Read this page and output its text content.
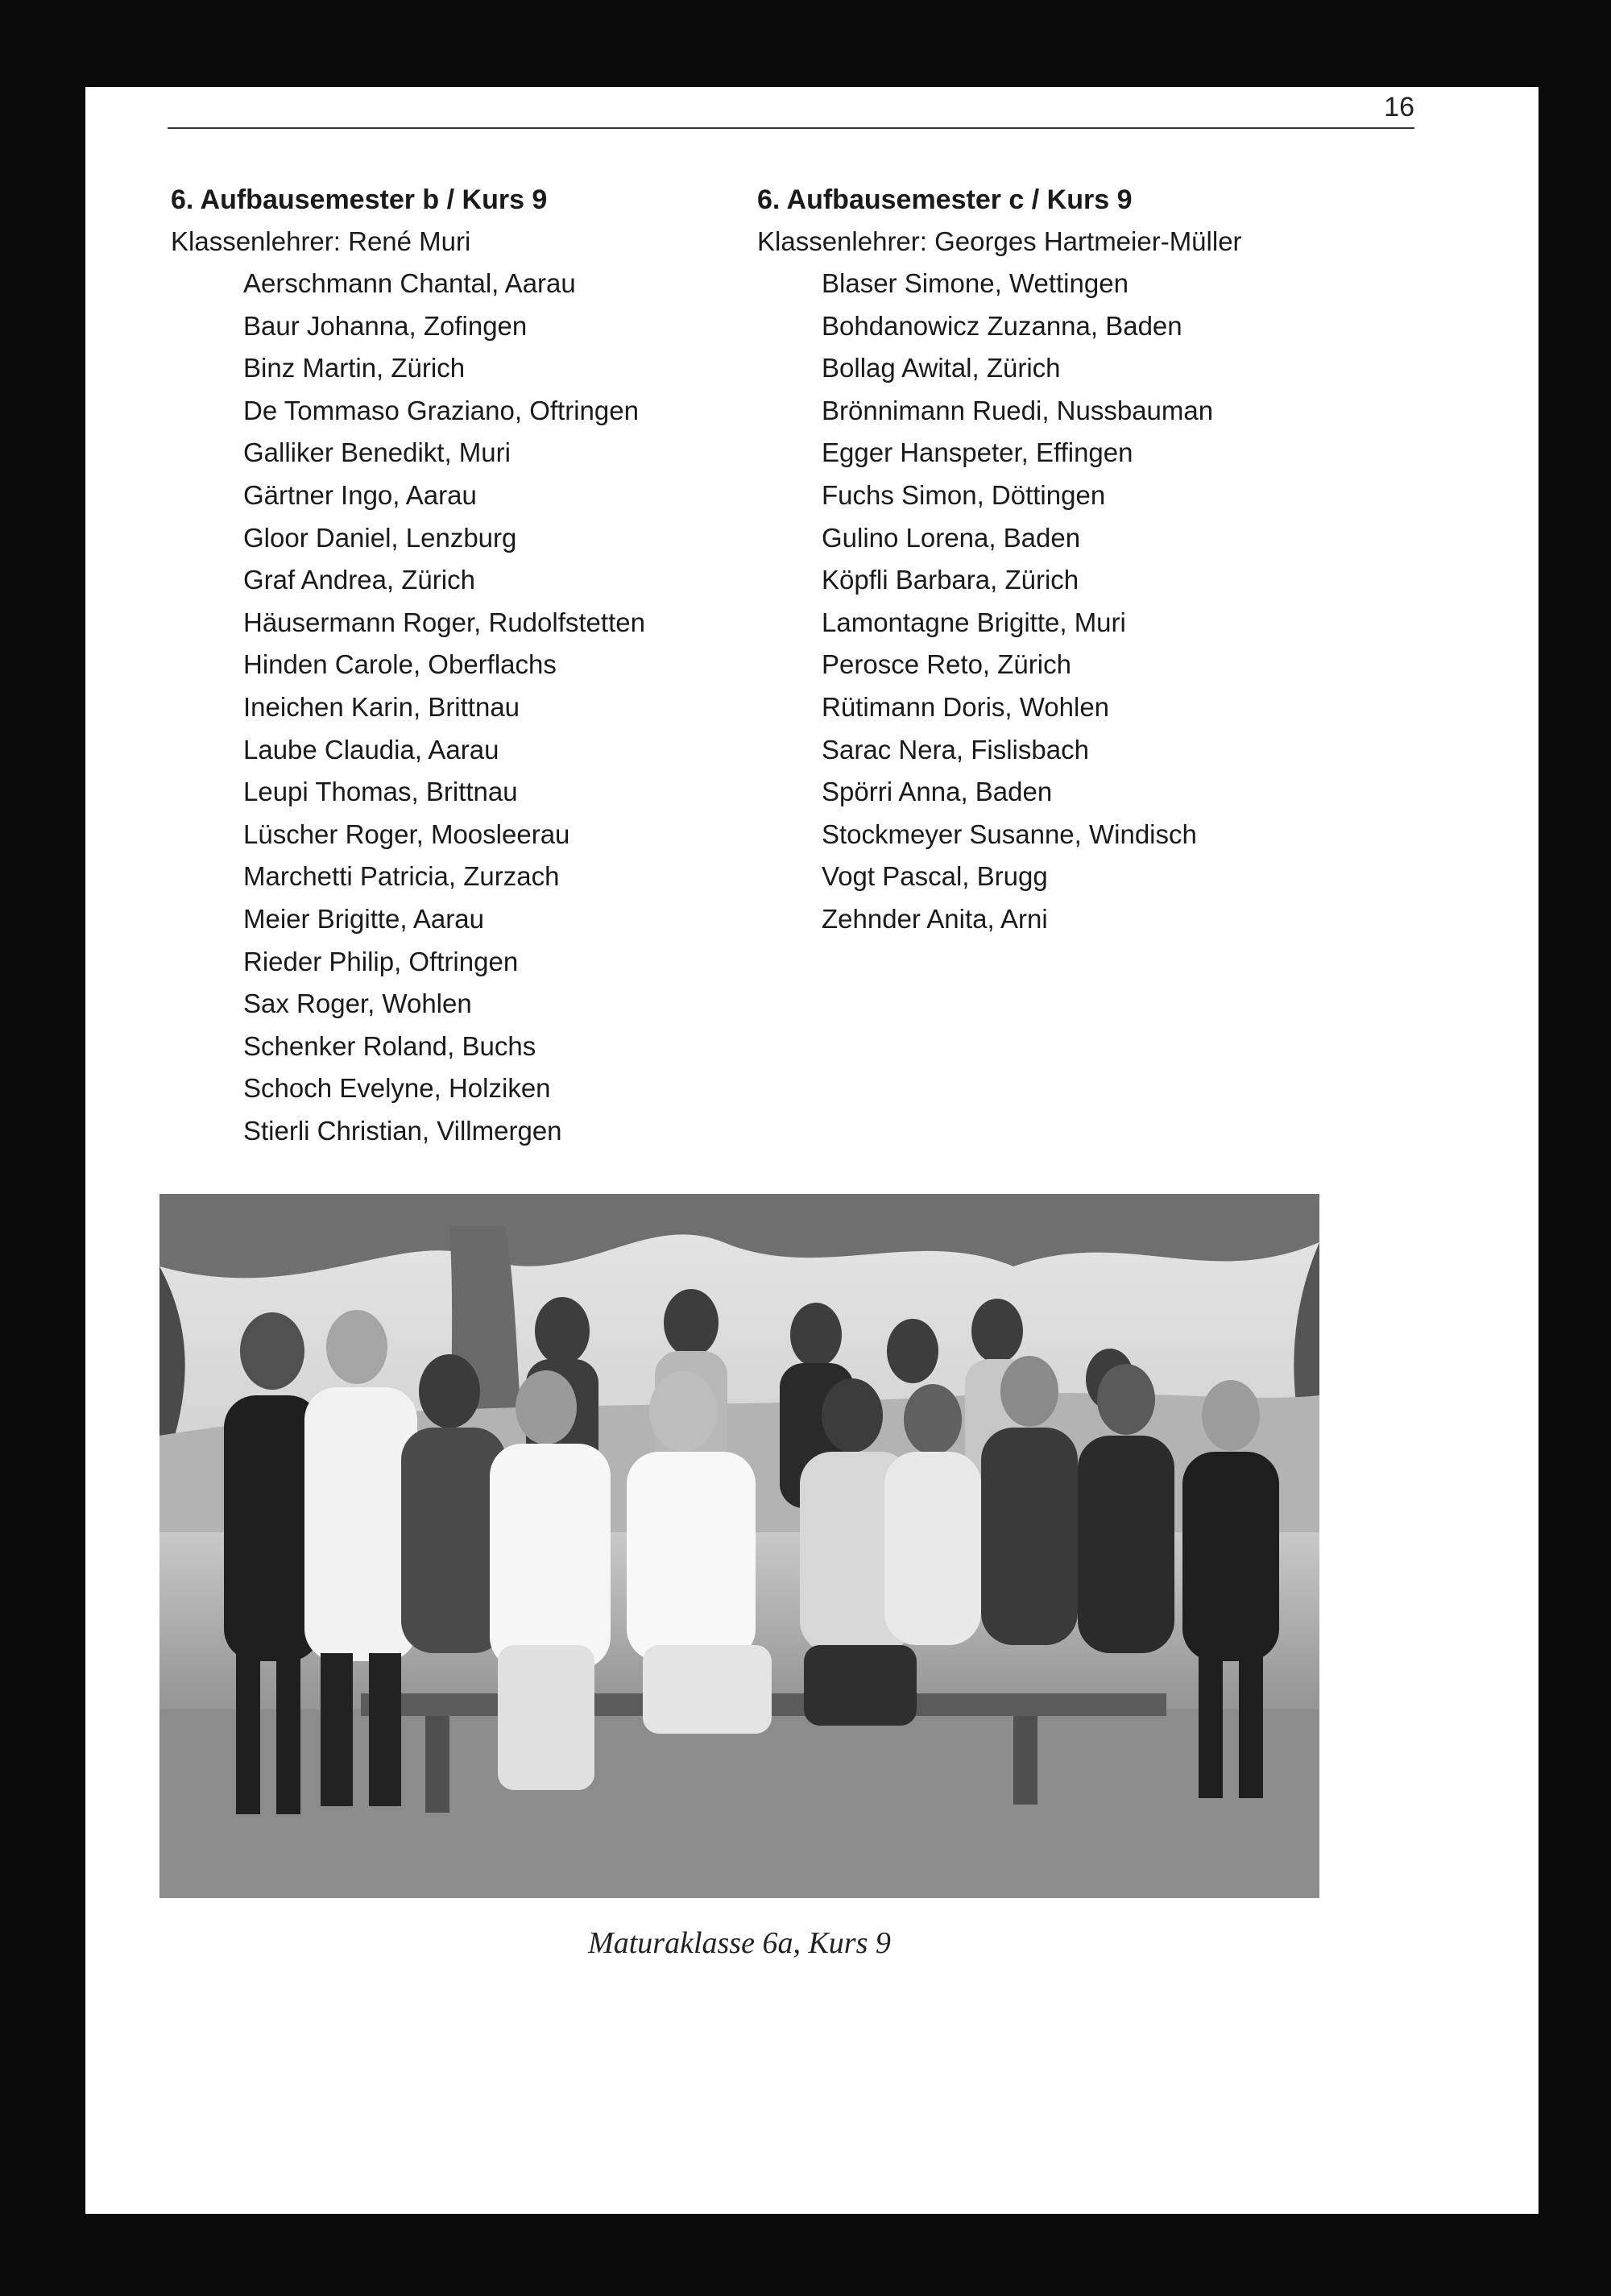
16
6. Aufbausemester b / Kurs 9
Klassenlehrer: René Muri
Aerschmann Chantal, Aarau
Baur Johanna, Zofingen
Binz Martin, Zürich
De Tommaso Graziano, Oftringen
Galliker Benedikt, Muri
Gärtner Ingo, Aarau
Gloor Daniel, Lenzburg
Graf Andrea, Zürich
Häusermann Roger, Rudolfstetten
Hinden Carole, Oberflachs
Ineichen Karin, Brittnau
Laube Claudia, Aarau
Leupi Thomas, Brittnau
Lüscher Roger, Moosleerau
Marchetti Patricia, Zurzach
Meier Brigitte, Aarau
Rieder Philip, Oftringen
Sax Roger, Wohlen
Schenker Roland, Buchs
Schoch Evelyne, Holziken
Stierli Christian, Villmergen
6. Aufbausemester c / Kurs 9
Klassenlehrer: Georges Hartmeier-Müller
Blaser Simone, Wettingen
Bohdanowicz Zuzanna, Baden
Bollag Awital, Zürich
Brönnimann Ruedi, Nussbauman
Egger Hanspeter, Effingen
Fuchs Simon, Döttingen
Gulino Lorena, Baden
Köpfli Barbara, Zürich
Lamontagne Brigitte, Muri
Perosce Reto, Zürich
Rütimann Doris, Wohlen
Sarac Nera, Fislisbach
Spörri Anna, Baden
Stockmeyer Susanne, Windisch
Vogt Pascal, Brugg
Zehnder Anita, Arni
Maturaklasse 6a, Kurs 9
